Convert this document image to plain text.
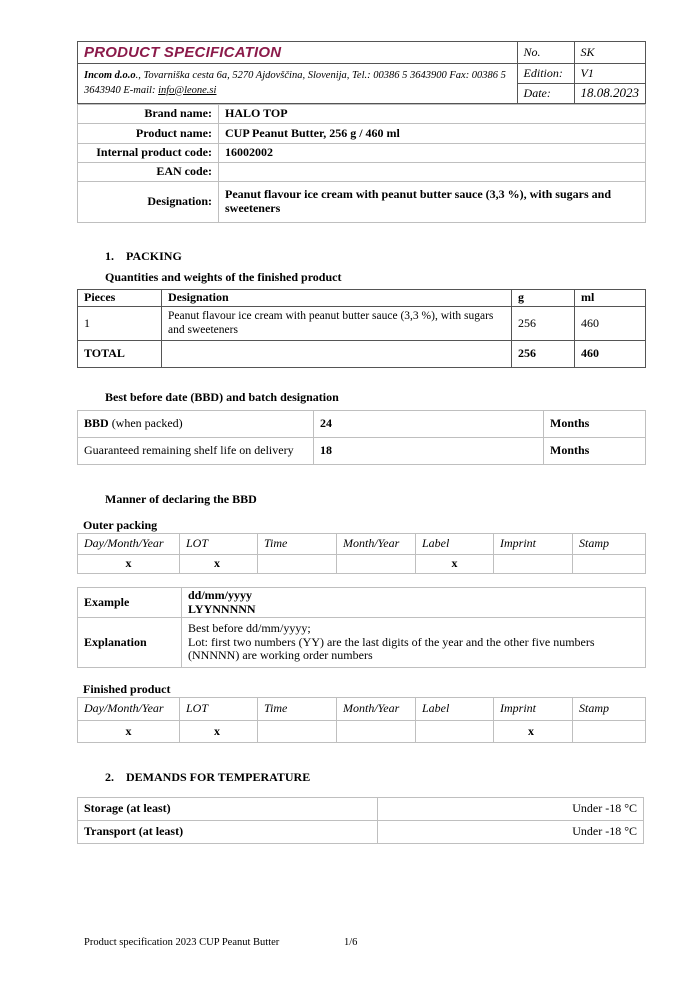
PRODUCT SPECIFICATION	No.	SK

Incom d.o.o., Tovarniška cesta 6a, 5270 Ajdovščina, Slovenija, Tel.: 00386 5 3643900 Fax: 00386 5 3643940 E-mail: info@leone.si	Edition:	V1
	Date:	18.08.2023
Brand name:	HALO TOP
Product name:	CUP Peanut Butter, 256 g / 460 ml
Internal product code:	16002002
EAN code:	
Designation:	Peanut flavour ice cream with peanut butter sauce (3,3 %), with sugars and sweeteners
1. PACKING
Quantities and weights of the finished product
Pieces	Designation	g	ml
1	Peanut flavour ice cream with peanut butter sauce (3,3 %), with sugars and sweeteners	256	460
TOTAL		256	460
Best before date (BBD) and batch designation
BBD (when packed)	24	Months
Guaranteed remaining shelf life on delivery	18	Months
Manner of declaring the BBD
Outer packing
Day/Month/Year	LOT	Time	Month/Year	Label	Imprint	Stamp
x	x			x		
Example	dd/mm/yyyy
LYYNNNNN

Explanation	Best before dd/mm/yyyy;
Lot: first two numbers (YY) are the last digits of the year and the other five numbers (NNNNN) are working order numbers
Finished product
Day/Month/Year	LOT	Time	Month/Year	Label	Imprint	Stamp
x	x				x	
2. DEMANDS FOR TEMPERATURE
Storage (at least)	Under -18 °C
Transport (at least)	Under -18 °C
Product specification 2023 CUP Peanut Butter	1/6
